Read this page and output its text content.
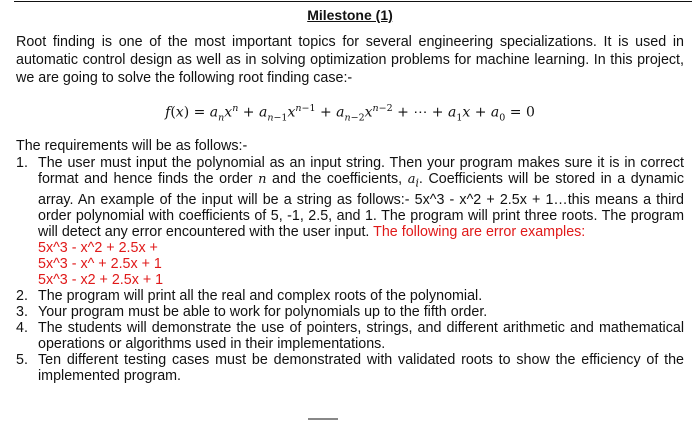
Milestone (1)
Root finding is one of the most important topics for several engineering specializations. It is used in automatic control design as well as in solving optimization problems for machine learning. In this project, we are going to solve the following root finding case:-
$f(x) = a_nx^n + a_{n-1}x^{n-1} + a_{n-2}x^{n-2}$ + ⋯ + $a_1x + a_0 = 0$
The requirements will be as follows:-
1. The user must input the polynomial as an input string. Then your program makes sure it is in correct format and hence finds the order n and the coefficients, $a_i$. Coefficients will be stored in a dynamic array. An example of the input will be a string as follows:- 5x^3 - x^2 + 2.5x + 1…this means a third order polynomial with coefficients of 5, -1, 2.5, and 1. The program will print three roots. The program will detect any error encountered with the user input. The following are error examples:
5x^3 - x^2 + 2.5x +
5x^3 - x^ + 2.5x + 1
5x^3 - x2 + 2.5x + 1
2. The program will print all the real and complex roots of the polynomial.
3. Your program must be able to work for polynomials up to the fifth order.
4. The students will demonstrate the use of pointers, strings, and different arithmetic and mathematical operations or algorithms used in their implementations.
5. Ten different testing cases must be demonstrated with validated roots to show the efficiency of the implemented program.
